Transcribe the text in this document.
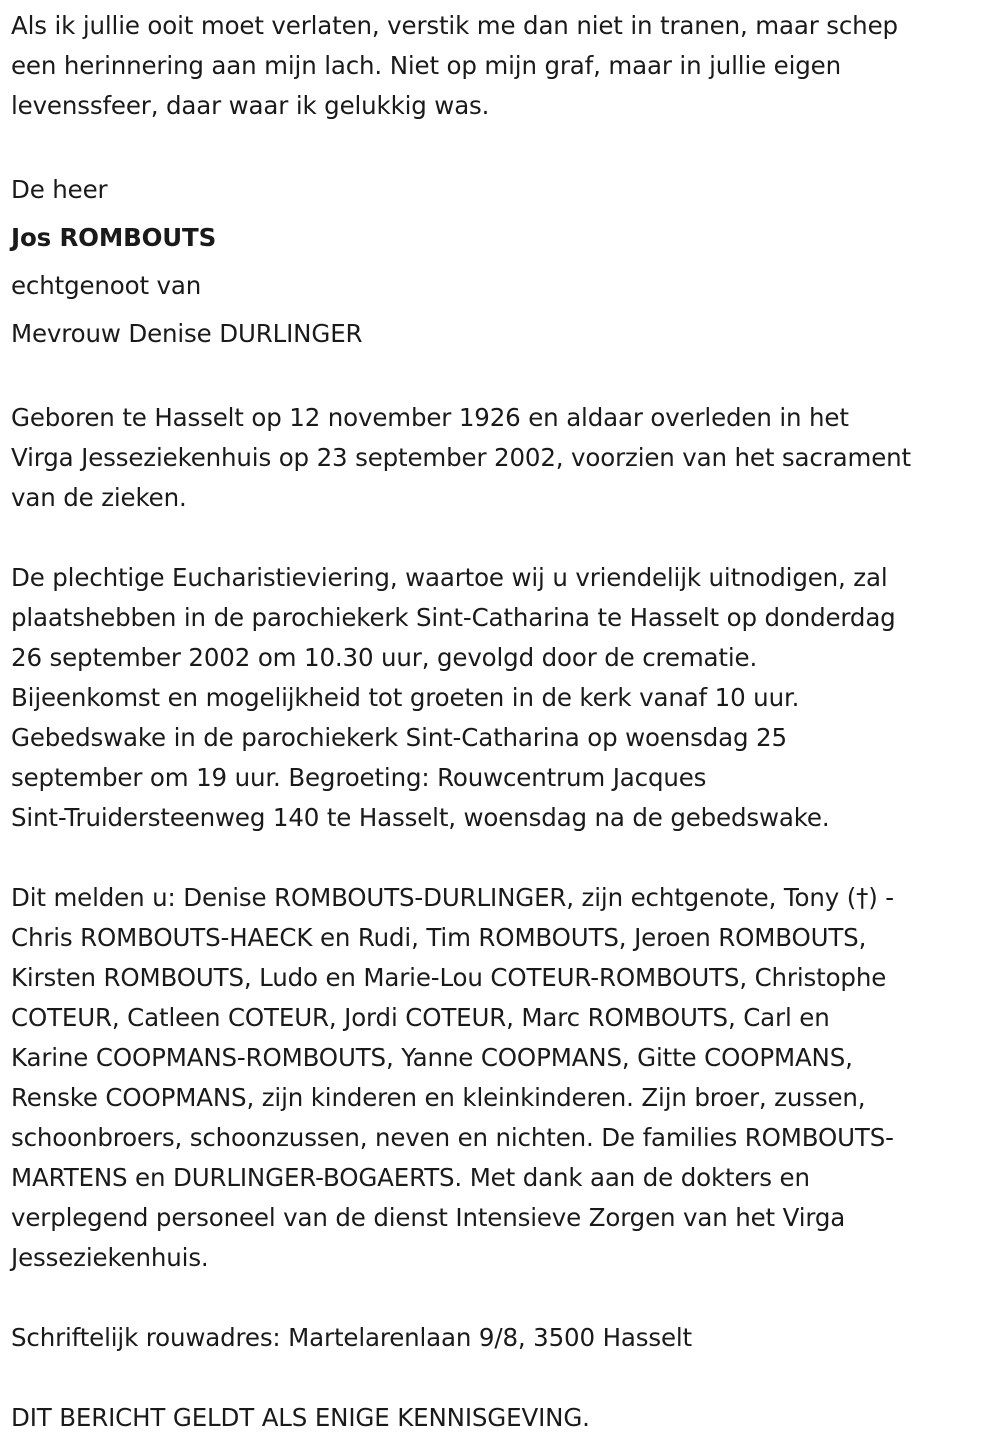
Als ik jullie ooit moet verlaten, verstik me dan niet in tranen, maar schep
een herinnering aan mijn lach. Niet op mijn graf, maar in jullie eigen
levenssfeer, daar waar ik gelukkig was.
De heer
Jos ROMBOUTS
echtgenoot van
Mevrouw Denise DURLINGER
Geboren te Hasselt op 12 november 1926 en aldaar overleden in het
Virga Jesseziekenhuis op 23 september 2002, voorzien van het sacrament
van de zieken.
De plechtige Eucharistieviering, waartoe wij u vriendelijk uitnodigen, zal
plaatshebben in de parochiekerk Sint-Catharina te Hasselt op donderdag
26 september 2002 om 10.30 uur, gevolgd door de crematie.
Bijeenkomst en mogelijkheid tot groeten in de kerk vanaf 10 uur.
Gebedswake in de parochiekerk Sint-Catharina op woensdag 25
september om 19 uur. Begroeting: Rouwcentrum Jacques
Sint-Truidersteenweg 140 te Hasselt, woensdag na de gebedswake.
Dit melden u: Denise ROMBOUTS-DURLINGER, zijn echtgenote, Tony (†) -
Chris ROMBOUTS-HAECK en Rudi, Tim ROMBOUTS, Jeroen ROMBOUTS,
Kirsten ROMBOUTS, Ludo en Marie-Lou COTEUR-ROMBOUTS, Christophe
COTEUR, Catleen COTEUR, Jordi COTEUR, Marc ROMBOUTS, Carl en
Karine COOPMANS-ROMBOUTS, Yanne COOPMANS, Gitte COOPMANS,
Renske COOPMANS, zijn kinderen en kleinkinderen. Zijn broer, zussen,
schoonbroers, schoonzussen, neven en nichten. De families ROMBOUTS-
MARTENS en DURLINGER-BOGAERTS. Met dank aan de dokters en
verplegend personeel van de dienst Intensieve Zorgen van het Virga
Jesseziekenhuis.
Schriftelijk rouwadres: Martelarenlaan 9/8, 3500 Hasselt
DIT BERICHT GELDT ALS ENIGE KENNISGEVING.
